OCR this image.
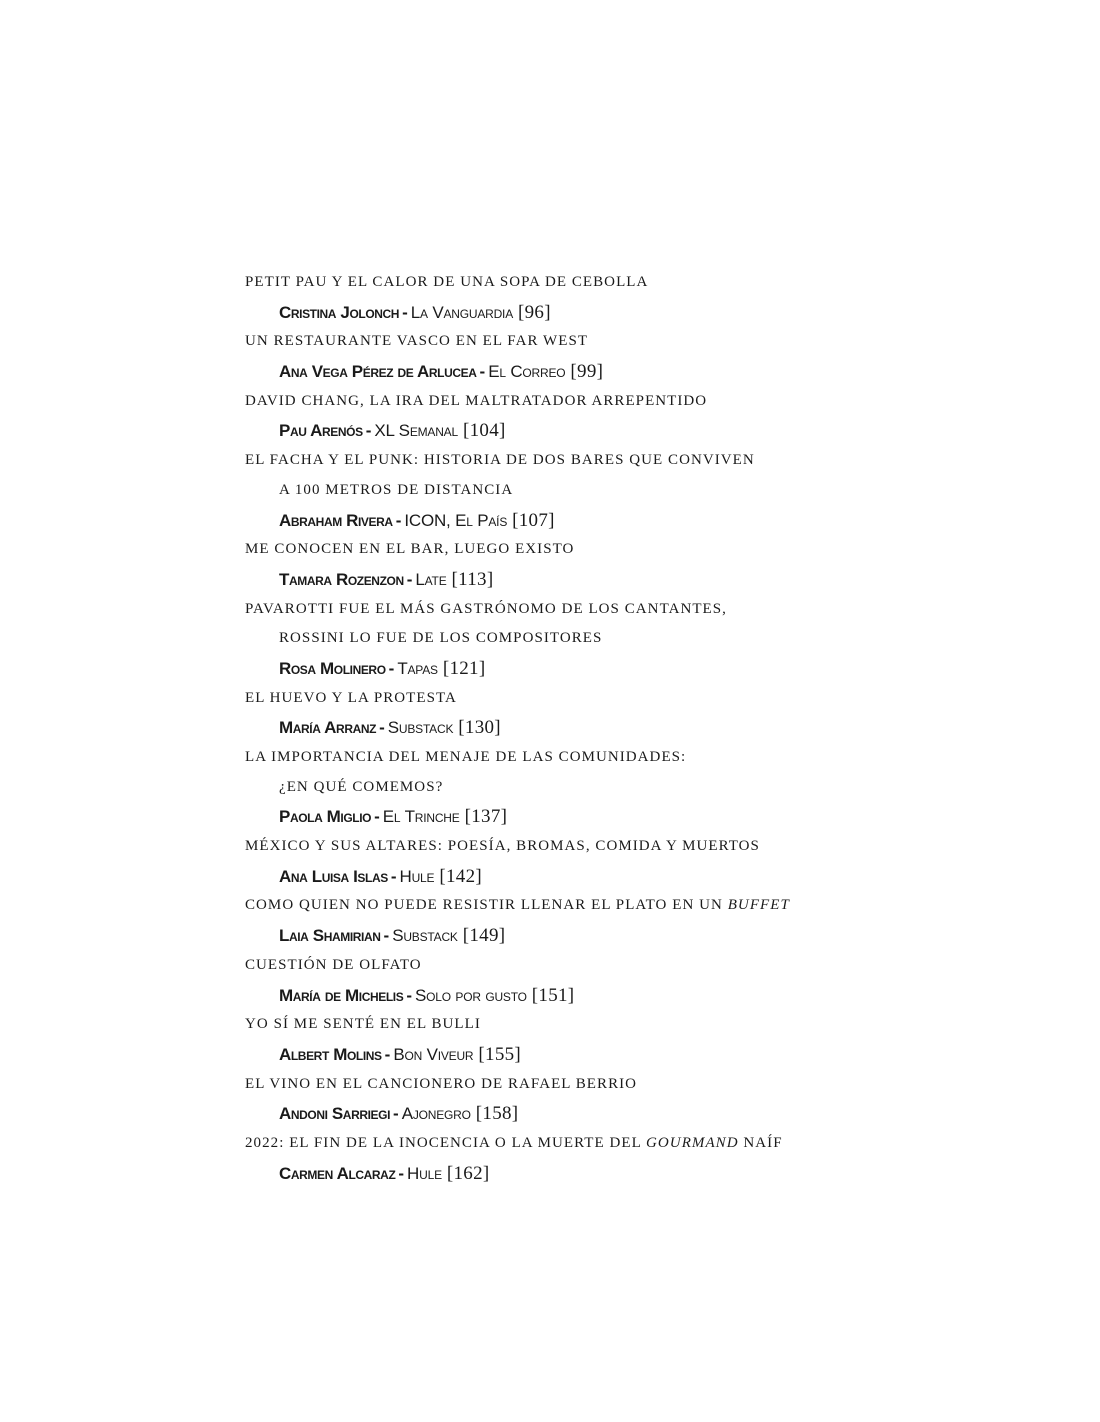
PETIT PAU Y EL CALOR DE UNA SOPA DE CEBOLLA
Cristina Jolonch - La Vanguardia [96]
UN RESTAURANTE VASCO EN EL FAR WEST
Ana Vega Pérez de Arlucea - El Correo [99]
DAVID CHANG, LA IRA DEL MALTRATADOR ARREPENTIDO
Pau Arenós - XL Semanal [104]
EL FACHA Y EL PUNK: HISTORIA DE DOS BARES QUE CONVIVEN
A 100 METROS DE DISTANCIA
Abraham Rivera - ICON, El País [107]
ME CONOCEN EN EL BAR, LUEGO EXISTO
Tamara Rozenzon - Late [113]
PAVAROTTI FUE EL MÁS GASTRÓNOMO DE LOS CANTANTES,
ROSSINI LO FUE DE LOS COMPOSITORES
Rosa Molinero - Tapas [121]
EL HUEVO Y LA PROTESTA
María Arranz - Substack [130]
LA IMPORTANCIA DEL MENAJE DE LAS COMUNIDADES:
¿EN QUÉ COMEMOS?
Paola Miglio - El Trinche [137]
MÉXICO Y SUS ALTARES: POESÍA, BROMAS, COMIDA Y MUERTOS
Ana Luisa Islas - Hule [142]
COMO QUIEN NO PUEDE RESISTIR LLENAR EL PLATO EN UN BUFFET
Laia Shamirian - Substack [149]
CUESTIÓN DE OLFATO
María de Michelis - Solo por gusto [151]
YO SÍ ME SENTÉ EN EL BULLI
Albert Molins - Bon Viveur [155]
EL VINO EN EL CANCIONERO DE RAFAEL BERRIO
Andoni Sarriegi - Ajonegro [158]
2022: EL FIN DE LA INOCENCIA O LA MUERTE DEL GOURMAND NAÍF
Carmen Alcaraz - Hule [162]
